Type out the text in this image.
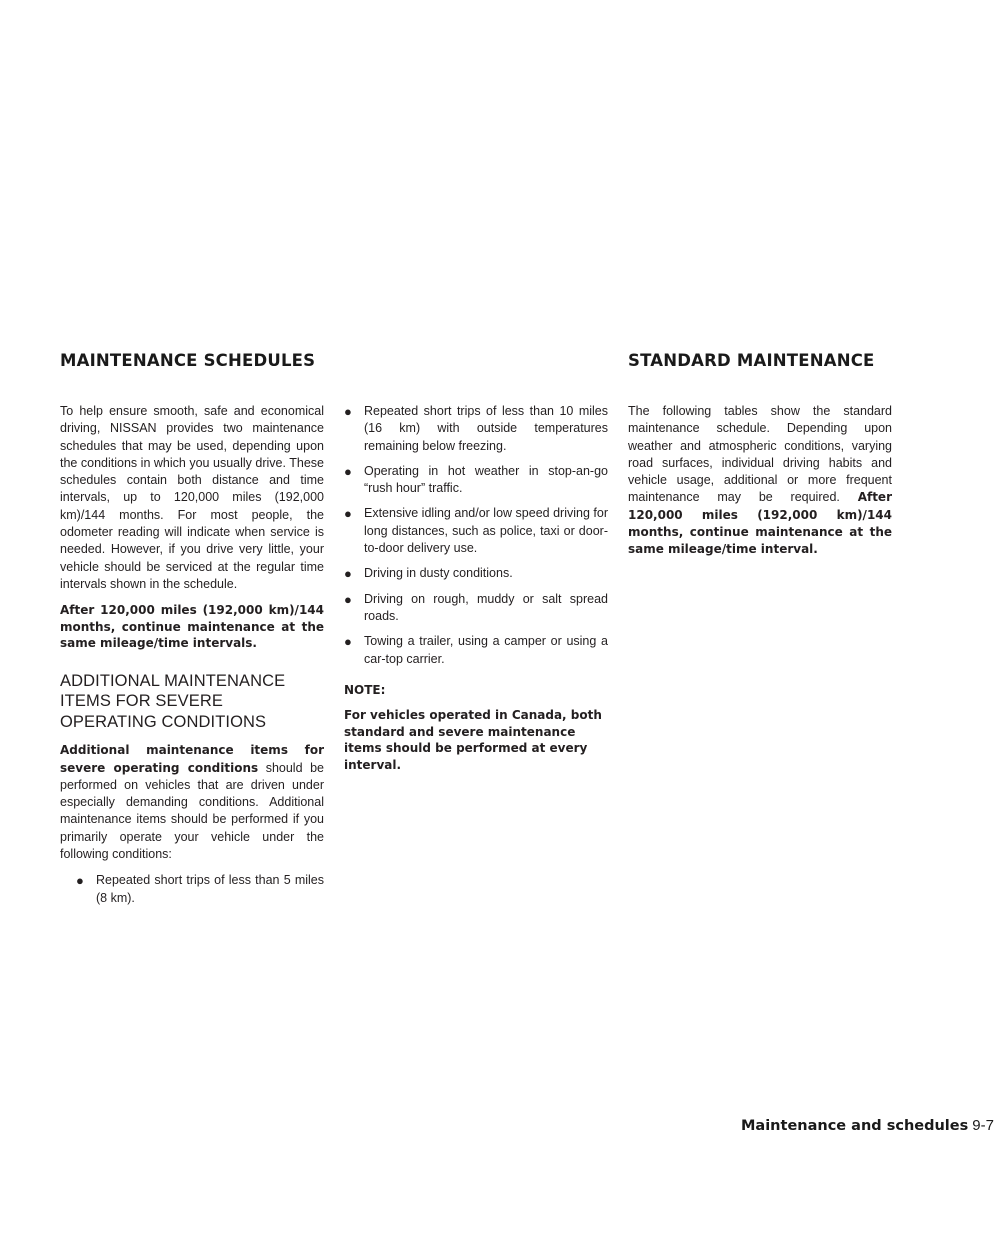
MAINTENANCE SCHEDULES	STANDARD MAINTENANCE

To help ensure smooth, safe and economical driving, NISSAN provides two maintenance schedules that may be used, depending upon the conditions in which you usually drive. These schedules contain both distance and time intervals, up to 120,000 miles (192,000 km)/144 months. For most people, the odometer reading will indicate when service is needed. However, if you drive very little, your vehicle should be serviced at the regular time intervals shown in the schedule.

After 120,000 miles (192,000 km)/144 months, continue maintenance at the same mileage/time intervals.

ADDITIONAL MAINTENANCE ITEMS FOR SEVERE OPERATING CONDITIONS

Additional maintenance items for severe operating conditions should be performed on vehicles that are driven under especially demanding conditions. Additional maintenance items should be performed if you primarily operate your vehicle under the following conditions:

● Repeated short trips of less than 5 miles (8 km).
● Repeated short trips of less than 10 miles (16 km) with outside temperatures remaining below freezing.
● Operating in hot weather in stop-an-go “rush hour” traffic.
● Extensive idling and/or low speed driving for long distances, such as police, taxi or door-to-door delivery use.
● Driving in dusty conditions.
● Driving on rough, muddy or salt spread roads.
● Towing a trailer, using a camper or using a car-top carrier.

NOTE:

For vehicles operated in Canada, both standard and severe maintenance items should be performed at every interval.

The following tables show the standard maintenance schedule. Depending upon weather and atmospheric conditions, varying road surfaces, individual driving habits and vehicle usage, additional or more frequent maintenance may be required. After 120,000 miles (192,000 km)/144 months, continue maintenance at the same mileage/time interval.

Maintenance and schedules 9-7
